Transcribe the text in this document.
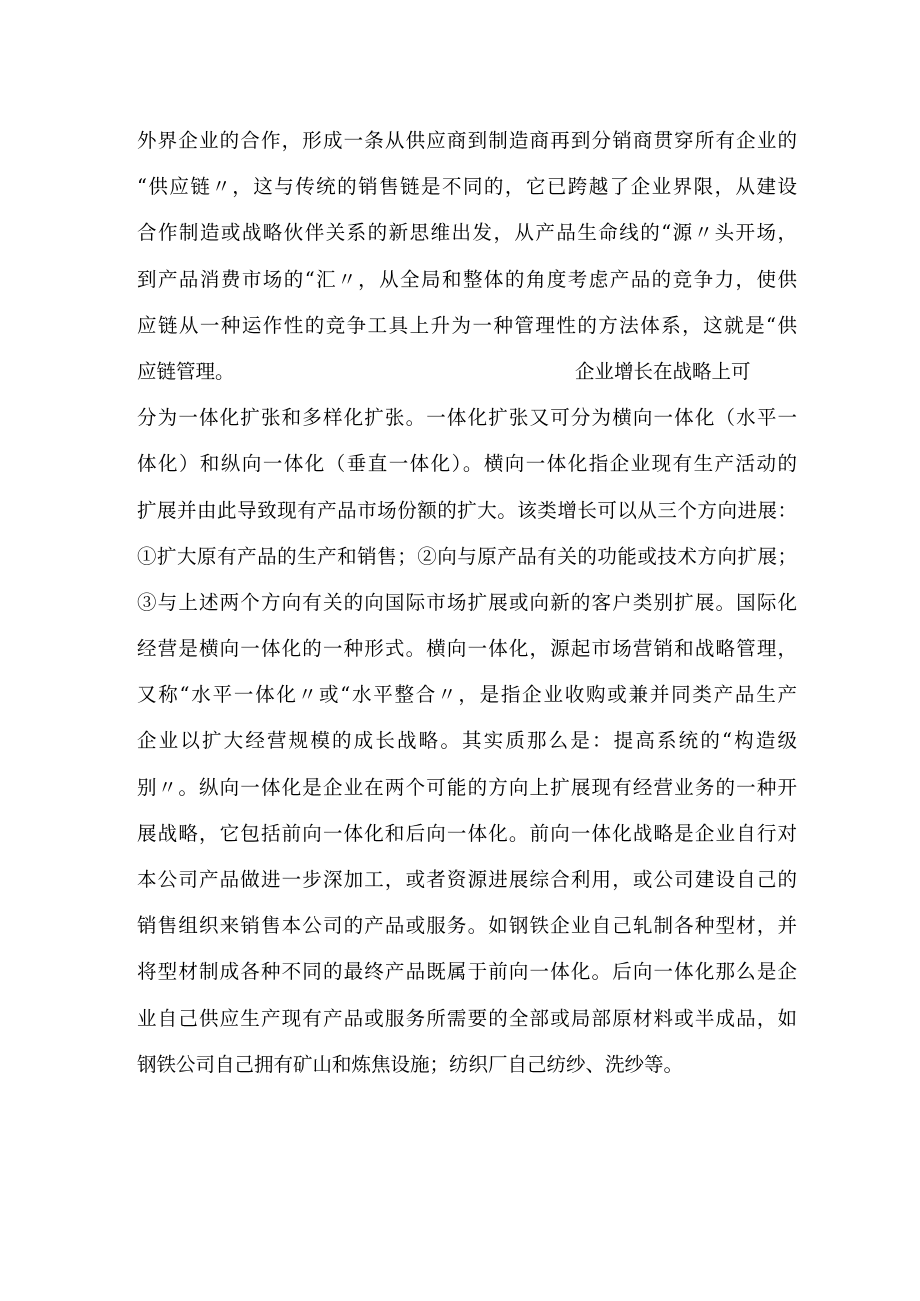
外界企业的合作，形成一条从供应商到制造商再到分销商贯穿所有企业的
“供应链〃，这与传统的销售链是不同的，它已跨越了企业界限，从建设
合作制造或战略伙伴关系的新思维出发，从产品生命线的“源〃头开场，
到产品消费市场的“汇〃，从全局和整体的角度考虑产品的竞争力，使供
应链从一种运作性的竞争工具上升为一种管理性的方法体系，这就是“供
应链管理。	企业增长在战略上可
分为一体化扩张和多样化扩张。一体化扩张又可分为横向一体化（水平一
体化）和纵向一体化（垂直一体化）。横向一体化指企业现有生产活动的
扩展并由此导致现有产品市场份额的扩大。该类增长可以从三个方向进展：
①扩大原有产品的生产和销售；②向与原产品有关的功能或技术方向扩展；
③与上述两个方向有关的向国际市场扩展或向新的客户类别扩展。国际化
经营是横向一体化的一种形式。横向一体化，源起市场营销和战略管理，
又称“水平一体化〃或“水平整合〃，是指企业收购或兼并同类产品生产
企业以扩大经营规模的成长战略。其实质那么是：提高系统的“构造级
别〃。纵向一体化是企业在两个可能的方向上扩展现有经营业务的一种开
展战略，它包括前向一体化和后向一体化。前向一体化战略是企业自行对
本公司产品做进一步深加工，或者资源进展综合利用，或公司建设自己的
销售组织来销售本公司的产品或服务。如钢铁企业自己轧制各种型材，并
将型材制成各种不同的最终产品既属于前向一体化。后向一体化那么是企
业自己供应生产现有产品或服务所需要的全部或局部原材料或半成品，如
钢铁公司自己拥有矿山和炼焦设施；纺织厂自己纺纱、洗纱等。
